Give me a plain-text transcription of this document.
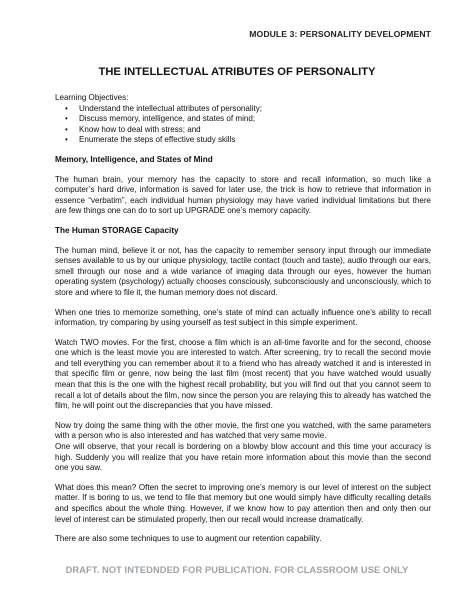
MODULE 3: PERSONALITY DEVELOPMENT
THE INTELLECTUAL ATRIBUTES OF PERSONALITY

Learning Objectives:

• Understand the intellectual attributes of personality;
• Discuss memory, intelligence, and states of mind;
• Know how to deal with stress; and
• Enumerate the steps of effective study skills
Memory, Intelligence, and States of Mind

The human brain, your memory has the capacity to store and recall information, so much like a computer’s hard drive, information is saved for later use, the trick is how to retrieve that information in essence “verbatim”, each individual human physiology may have varied individual limitations but there are few things one can do to sort up UPGRADE one’s memory capacity.

The Human STORAGE Capacity

The human mind, believe it or not, has the capacity to remember sensory input through our immediate senses available to us by our unique physiology, tactile contact (touch and taste), audio through our ears, smell through our nose and a wide variance of imaging data through our eyes, however the human operating system (psychology) actually chooses consciously, subconsciously and unconsciously, which to store and where to file it, the human memory does not discard.

When one tries to memorize something, one’s state of mind can actually influence one’s ability to recall information, try comparing by using yourself as test subject in this simple experiment.

Watch TWO movies. For the first, choose a film which is an all-time favorite and for the second, choose one which is the least movie you are interested to watch. After screening, try to recall the second movie and tell everything you can remember about it to a friend who has already watched it and is interested in that specific film or genre, now being the last film (most recent) that you have watched would usually mean that this is the one with the highest recall probability, but you will find out that you cannot seem to recall a lot of details about the film, now since the person you are relaying this to already has watched the film, he will point out the discrepancies that you have missed.

Now try doing the same thing with the other movie, the first one you watched, with the same parameters with a person who is also interested and has watched that very same movie.

One will observe, that your recall is bordering on a blowby blow account and this time your accuracy is high. Suddenly you will realize that you have retain more information about this movie than the second one you saw.

What does this mean? Often the secret to improving one’s memory is our level of interest on the subject matter. If is boring to us, we tend to file that memory but one would simply have difficulty recalling details and specifics about the whole thing. However, if we know how to pay attention then and only then our level of interest can be stimulated properly, then our recall would increase dramatically.

There are also some techniques to use to augment our retention capability.

DRAFT. NOT INTEDNDED FOR PUBLICATION. FOR CLASSROOM USE ONLY
